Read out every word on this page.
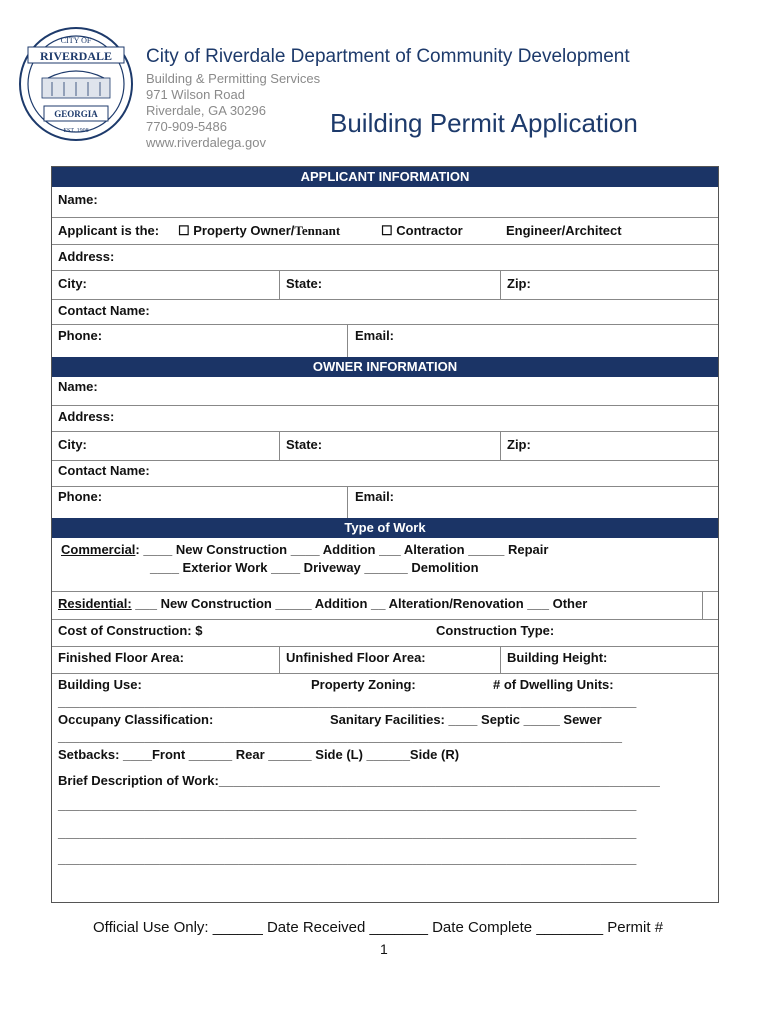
CITY OF
RIVERDALE
GEORGIA
EST. 1908
City of Riverdale Department of Community Development
Building & Permitting Services
971 Wilson Road
Riverdale, GA 30296
770-909-5486
www.riverdalega.gov
Building Permit Application
APPLICANT INFORMATION
Name:
Applicant is the: ☐ Property Owner/Tennant	☐ Contractor	Engineer/Architect
Address:
City:	State:	Zip:
Contact Name:
Phone:	Email:
OWNER INFORMATION
Name:
Address:
City:	State:	Zip:
Contact Name:
Phone:	Email:
Type of Work
Commercial: ____ New Construction ____ Addition ___ Alteration _____ Repair
____ Exterior Work ____ Driveway ______ Demolition
Residential: ___ New Construction _____ Addition __ Alteration/Renovation ___ Other
Cost of Construction: $	Construction Type:
Finished Floor Area:	Unfinished Floor Area:	Building Height:
Building Use:	Property Zoning:	# of Dwelling Units:
________________________________________________________________________________
Occupany Classification:	Sanitary Facilities: ____ Septic _____ Sewer
______________________________________________________________________________
Setbacks: ____Front ______ Rear ______ Side (L) ______Side (R)
Brief Description of Work:_____________________________________________________________
________________________________________________________________________________
________________________________________________________________________________
________________________________________________________________________________
Official Use Only: ______ Date Received _______ Date Complete ________ Permit #
1
